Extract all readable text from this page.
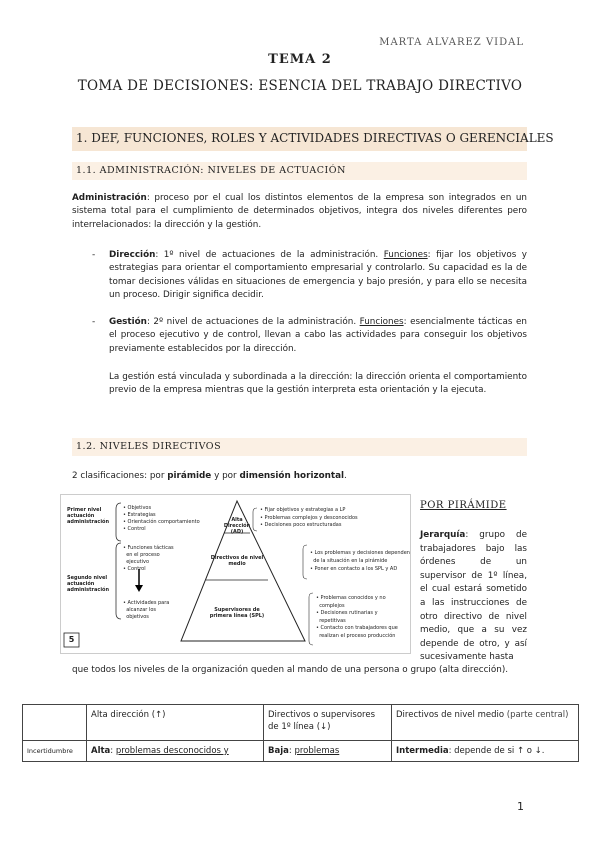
MARTA ALVAREZ VIDAL
TEMA 2
TOMA DE DECISIONES: ESENCIA DEL TRABAJO DIRECTIVO
1. DEF, FUNCIONES, ROLES Y ACTIVIDADES DIRECTIVAS O GERENCIALES
1.1. ADMINISTRACIÓN: NIVELES DE ACTUACIÓN
Administración: proceso por el cual los distintos elementos de la empresa son integrados en un sistema total para el cumplimiento de determinados objetivos, integra dos niveles diferentes pero interrelacionados: la dirección y la gestión.
- Dirección: 1º nivel de actuaciones de la administración. Funciones: fijar los objetivos y estrategias para orientar el comportamiento empresarial y controlarlo. Su capacidad es la de tomar decisiones válidas en situaciones de emergencia y bajo presión, y para ello se necesita un proceso. Dirigir significa decidir.
- Gestión: 2º nivel de actuaciones de la administración. Funciones: esencialmente tácticas en el proceso ejecutivo y de control, llevan a cabo las actividades para conseguir los objetivos previamente establecidos por la dirección.
La gestión está vinculada y subordinada a la dirección: la dirección orienta el comportamiento previo de la empresa mientras que la gestión interpreta esta orientación y la ejecuta.
1.2. NIVELES DIRECTIVOS
2 clasificaciones: por pirámide y por dimensión horizontal.
Primer nivel
actuación
administración
Segundo nivel
actuación
administración
• Objetivos
• Estrategias
• Orientación comportamiento
• Control
• Funciones tácticas
en el proceso
ejecutivo
• Control
• Actividades para
alcanzar los
objetivos
Alta
Dirección
(AD)
Directivos de nivel
medio
Supervisores de
primera línea (SPL)
• Fijar objetivos y estrategias a LP
• Problemas complejos y desconocidos
• Decisiones poco estructuradas
• Los problemas y decisiones dependen
de la situación en la pirámide
• Poner en contacto a los SPL y AD
• Problemas conocidos y no
complejos
• Decisiones rutinarias y
repetitivas
• Contacto con trabajadores que
realizan el proceso producción
5
POR PIRÁMIDE
Jerarquía: grupo de trabajadores bajo las órdenes de un supervisor de 1º línea, el cual estará sometido a las instrucciones de otro directivo de nivel medio, que a su vez depende de otro, y así sucesivamente hasta
que todos los niveles de la organización queden al mando de una persona o grupo (alta dirección).
	Alta dirección (↑)	Directivos o supervisores de 1º línea (↓)	Directivos de nivel medio (parte central)
Incertidumbre	Alta: problemas desconocidos y	Baja: problemas	Intermedia: depende de si ↑ o ↓.
1
